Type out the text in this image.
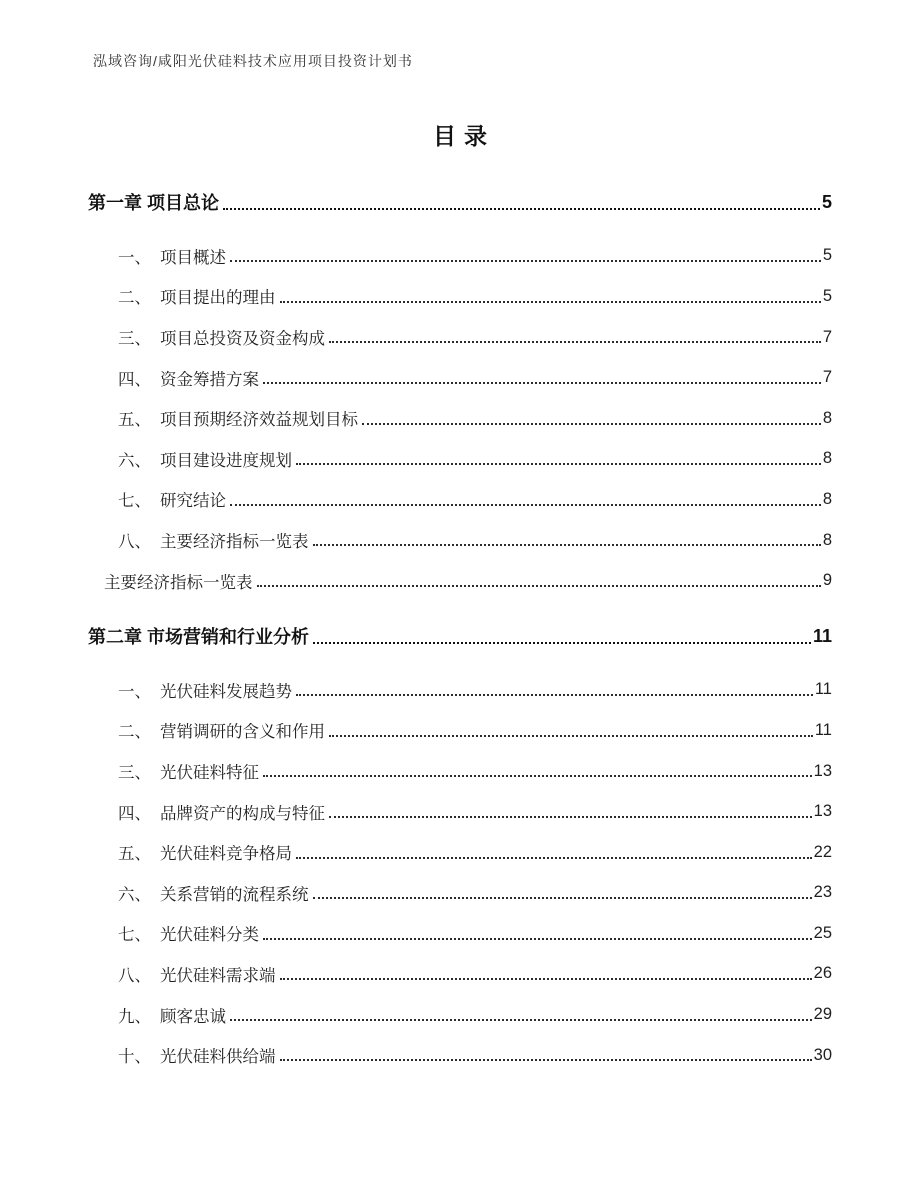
泓域咨询/咸阳光伏硅料技术应用项目投资计划书
目录
第一章 项目总论	5
一、 项目概述	5
二、 项目提出的理由	5
三、 项目总投资及资金构成	7
四、 资金筹措方案	7
五、 项目预期经济效益规划目标	8
六、 项目建设进度规划	8
七、 研究结论	8
八、 主要经济指标一览表	8
主要经济指标一览表	9
第二章 市场营销和行业分析	11
一、 光伏硅料发展趋势	11
二、 营销调研的含义和作用	11
三、 光伏硅料特征	13
四、 品牌资产的构成与特征	13
五、 光伏硅料竞争格局	22
六、 关系营销的流程系统	23
七、 光伏硅料分类	25
八、 光伏硅料需求端	26
九、 顾客忠诚	29
十、 光伏硅料供给端	30
